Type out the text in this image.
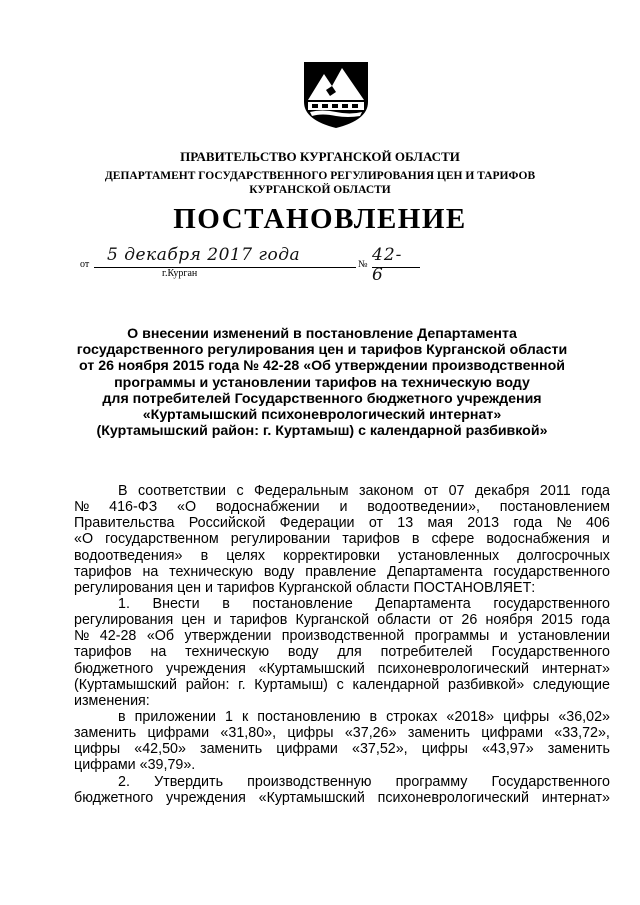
ПРАВИТЕЛЬСТВО КУРГАНСКОЙ ОБЛАСТИ
ДЕПАРТАМЕНТ ГОСУДАРСТВЕННОГО РЕГУЛИРОВАНИЯ ЦЕН И ТАРИФОВ
КУРГАНСКОЙ ОБЛАСТИ
ПОСТАНОВЛЕНИЕ
от 5 декабря 2017 года	№ 42-6
г.Курган
О внесении изменений в постановление Департамента
государственного регулирования цен и тарифов Курганской области
от 26 ноября 2015 года № 42-28 «Об утверждении производственной
программы и установлении тарифов на техническую воду
для потребителей Государственного бюджетного учреждения
«Куртамышский психоневрологический интернат»
(Куртамышский район: г. Куртамыш) с календарной разбивкой»
В соответствии с Федеральным законом от 07 декабря 2011 года
№ 416-ФЗ «О водоснабжении и водоотведении», постановлением
Правительства Российской Федерации от 13 мая 2013 года № 406
«О государственном регулировании тарифов в сфере водоснабжения и
водоотведения» в целях корректировки установленных долгосрочных
тарифов на техническую воду правление Департамента государственного
регулирования цен и тарифов Курганской области ПОСТАНОВЛЯЕТ:
1. Внести в постановление Департамента государственного
регулирования цен и тарифов Курганской области от 26 ноября 2015 года
№ 42-28 «Об утверждении производственной программы и установлении
тарифов на техническую воду для потребителей Государственного
бюджетного учреждения «Куртамышский психоневрологический интернат»
(Куртамышский район: г. Куртамыш) с календарной разбивкой» следующие
изменения:
в приложении 1 к постановлению в строках «2018» цифры «36,02»
заменить цифрами «31,80», цифры «37,26» заменить цифрами «33,72»,
цифры «42,50» заменить цифрами «37,52», цифры «43,97» заменить
цифрами «39,79».
2. Утвердить производственную программу Государственного
бюджетного учреждения «Куртамышский психоневрологический интернат»
